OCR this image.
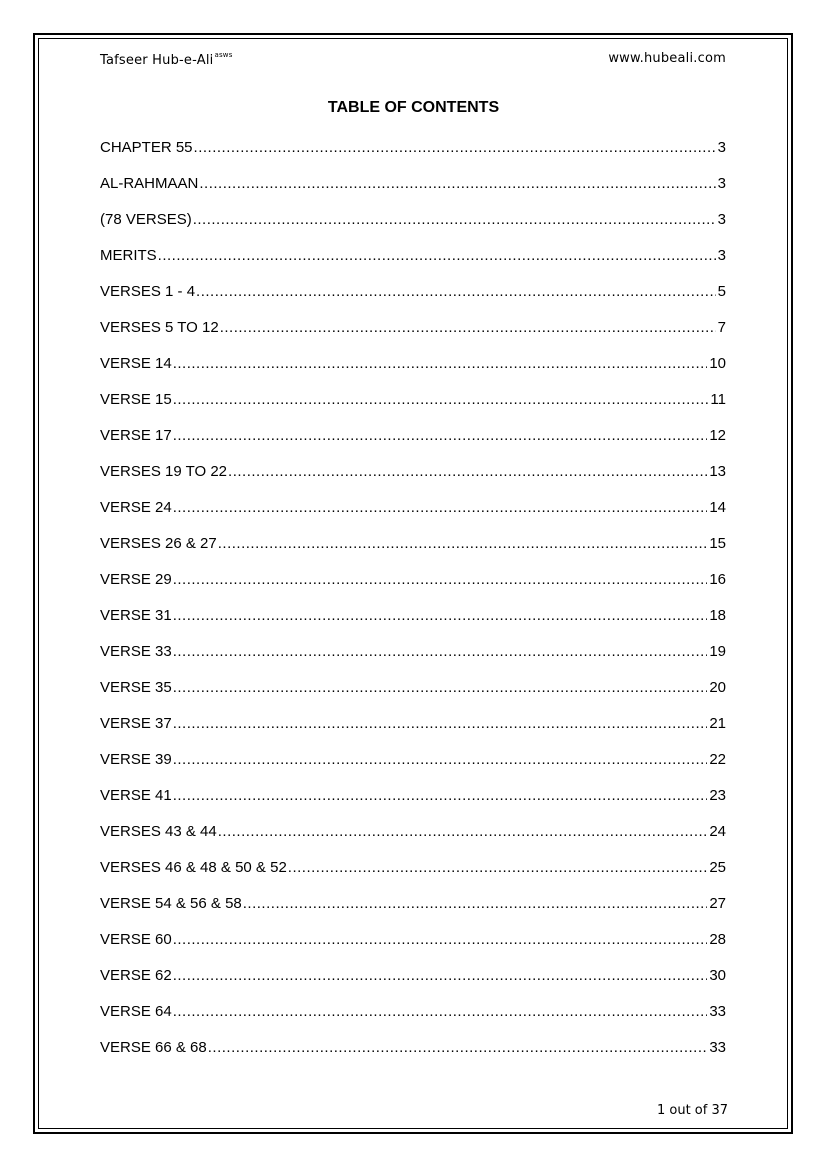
Tafseer Hub-e-Ali$^{asws}$	www.hubeali.com
TABLE OF CONTENTS
CHAPTER 55 .....	3
AL-RAHMAAN .....	3
(78 VERSES) .....	3
MERITS .....	3
VERSES 1 - 4 .....	5
VERSES 5 TO 12 .....	7
VERSE 14 .....	10
VERSE 15 .....	11
VERSE 17 .....	12
VERSES 19 TO 22 .....	13
VERSE 24 .....	14
VERSES 26 & 27 .....	15
VERSE 29 .....	16
VERSE 31 .....	18
VERSE 33 .....	19
VERSE 35 .....	20
VERSE 37 .....	21
VERSE 39 .....	22
VERSE 41 .....	23
VERSES 43 & 44 .....	24
VERSES 46 & 48 & 50 & 52 .....	25
VERSE 54 & 56 & 58 .....	27
VERSE 60 .....	28
VERSE 62 .....	30
VERSE 64 .....	33
VERSE 66 & 68 .....	33
1 out of 37
